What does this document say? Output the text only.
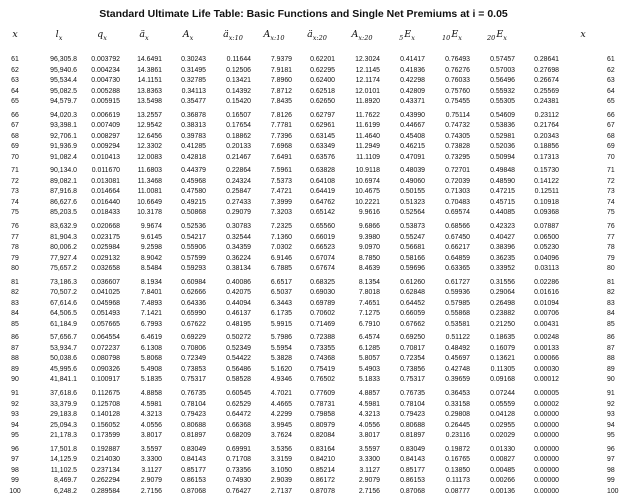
Standard Ultimate Life Table: Basic Functions and Single Net Premiums at i = 0.05
x	$l_x$	$q_x$	$ä_x$	$A_x$	$ä_{x:10}$	$A_{x:10}$	$ä_{x:20}$	$A_{x:20}$	$_5E_x$	$_{10}E_x$	$_{20}E_x$	x
61	96,305.8	0.003792	14.6491	0.30243	0.11644	7.9379	0.62201	12.3024	0.41417	0.76493	0.57457	0.28641		61
62	95,940.6	0.004234	14.3861	0.31495	0.12506	7.9181	0.62295	12.1145	0.41836	0.76276	0.57003	0.27698		62
63	95,534.4	0.004730	14.1151	0.32785	0.13421	7.8960	0.62400	12.1174	0.42298	0.76033	0.56496	0.26674		63
64	95,082.5	0.005288	13.8363	0.34113	0.14392	7.8712	0.62518	12.0101	0.42809	0.75760	0.55932	0.25569		64
65	94,579.7	0.005915	13.5498	0.35477	0.15420	7.8435	0.62650	11.8920	0.43371	0.75455	0.55305	0.24381		65

66	94,020.3	0.006619	13.2557	0.36878	0.16507	7.8126	0.62797	11.7622	0.43990	0.75114	0.54609	0.23112		66
67	93,398.1	0.007409	12.9542	0.38313	0.17654	7.7781	0.62961	11.6199	0.44667	0.74732	0.53836	0.21764		67
68	92,706.1	0.008297	12.6456	0.39783	0.18862	7.7396	0.63145	11.4640	0.45408	0.74305	0.52981	0.20343		68
69	91,936.9	0.009294	12.3302	0.41285	0.20133	7.6968	0.63349	11.2949	0.46215	0.73828	0.52036	0.18856		69
70	91,082.4	0.010413	12.0083	0.42818	0.21467	7.6491	0.63576	11.1109	0.47091	0.73295	0.50994	0.17313		70

71	90,134.0	0.011670	11.6803	0.44379	0.22864	7.5961	0.63828	10.9118	0.48039	0.72701	0.49848	0.15730		71
72	89,082.1	0.013081	11.3468	0.45968	0.24324	7.5373	0.64108	10.6974	0.49060	0.72039	0.48590	0.14122		72
73	87,916.8	0.014664	11.0081	0.47580	0.25847	7.4721	0.64419	10.4675	0.50155	0.71303	0.47215	0.12511		73
74	86,627.6	0.016440	10.6649	0.49215	0.27433	7.3999	0.64762	10.2221	0.51323	0.70483	0.45715	0.10918		74
75	85,203.5	0.018433	10.3178	0.50868	0.29079	7.3203	0.65142	9.9616	0.52564	0.69574	0.44085	0.09368		75

76	83,632.9	0.020668	9.9674	0.52536	0.30783	7.2325	0.65560	9.6866	0.53873	0.68566	0.42323	0.07887		76
77	81,904.3	0.023175	9.6145	0.54217	0.32544	7.1360	0.66019	9.3980	0.55247	0.67450	0.40427	0.06500		77
78	80,006.2	0.025984	9.2598	0.55906	0.34359	7.0302	0.66523	9.0970	0.56681	0.66217	0.38396	0.05230		78
79	77,927.4	0.029132	8.9042	0.57599	0.36224	6.9146	0.67074	8.7850	0.58166	0.64859	0.36235	0.04096		79
80	75,657.2	0.032658	8.5484	0.59293	0.38134	6.7885	0.67674	8.4639	0.59696	0.63365	0.33952	0.03113		80

81	73,186.3	0.036607	8.1934	0.60984	0.40086	6.6517	0.68325	8.1354	0.61260	0.61727	0.31556	0.02286		81
82	70,507.2	0.041025	7.8401	0.62666	0.42075	6.5037	0.69030	7.8018	0.62848	0.59936	0.29064	0.01616		82
83	67,614.6	0.045968	7.4893	0.64336	0.44094	6.3443	0.69789	7.4651	0.64452	0.57985	0.26498	0.01094		83
84	64,506.5	0.051493	7.1421	0.65990	0.46137	6.1735	0.70602	7.1275	0.66059	0.55868	0.23882	0.00706		84
85	61,184.9	0.057665	6.7993	0.67622	0.48195	5.9915	0.71469	6.7910	0.67662	0.53581	0.21250	0.00431		85

86	57,656.7	0.064554	6.4619	0.69229	0.50272	5.7986	0.72388	6.4574	0.69250	0.51122	0.18635	0.00248		86
87	53,934.7	0.072237	6.1308	0.70806	0.52349	5.5954	0.73355	6.1285	0.70817	0.48492	0.16079	0.00133		87
88	50,038.6	0.080798	5.8068	0.72349	0.54422	5.3828	0.74368	5.8057	0.72354	0.45697	0.13621	0.00066		88
89	45,995.6	0.090326	5.4908	0.73853	0.56486	5.1620	0.75419	5.4903	0.73856	0.42748	0.11305	0.00030		89
90	41,841.1	0.100917	5.1835	0.75317	0.58528	4.9346	0.76502	5.1833	0.75317	0.39659	0.09168	0.00012		90

91	37,618.6	0.112675	4.8858	0.76735	0.60545	4.7021	0.77609	4.8857	0.76735	0.36453	0.07244	0.00005		91
92	33,379.9	0.125708	4.5981	0.78104	0.62529	4.4665	0.78731	4.5981	0.78104	0.33158	0.05559	0.00002		92
93	29,183.8	0.140128	4.3213	0.79423	0.64472	4.2299	0.79858	4.3213	0.79423	0.29808	0.04128	0.00000		93
94	25,094.3	0.156052	4.0556	0.80688	0.66368	3.9945	0.80979	4.0556	0.80688	0.26445	0.02955	0.00000		94
95	21,178.3	0.173599	3.8017	0.81897	0.68209	3.7624	0.82084	3.8017	0.81897	0.23116	0.02029	0.00000		95

96	17,501.8	0.192887	3.5597	0.83049	0.69991	3.5356	0.83164	3.5597	0.83049	0.19872	0.01330	0.00000		96
97	14,125.9	0.214030	3.3300	0.84143	0.71708	3.3159	0.84210	3.3300	0.84143	0.16765	0.00827	0.00000		97
98	11,102.5	0.237134	3.1127	0.85177	0.73356	3.1050	0.85214	3.1127	0.85177	0.13850	0.00485	0.00000		98
99	8,469.7	0.262294	2.9079	0.86153	0.74930	2.9039	0.86172	2.9079	0.86153	0.11173	0.00266	0.00000		99
100	6,248.2	0.289584	2.7156	0.87068	0.76427	2.7137	0.87078	2.7156	0.87068	0.08777	0.00136	0.00000		100
